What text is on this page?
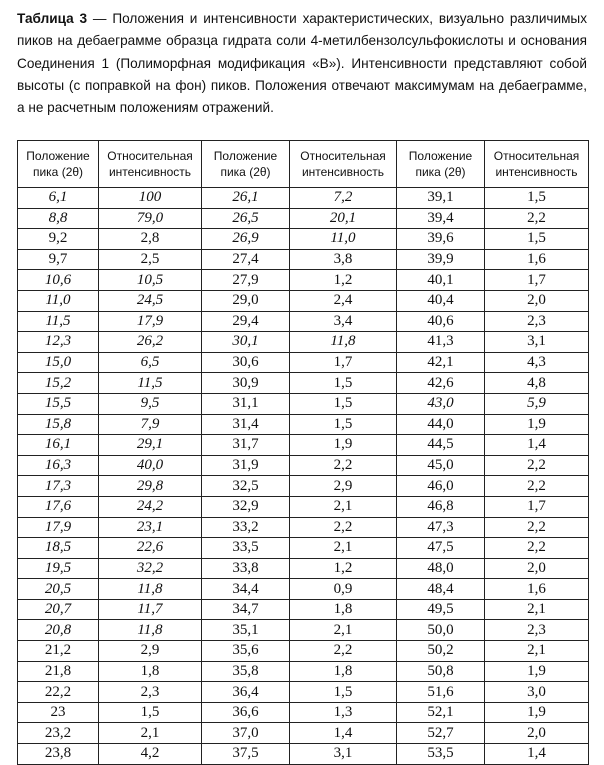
Таблица 3 — Положения и интенсивности характеристических, визуально различимых пиков на дебаеграмме образца гидрата соли 4-метилбензолсульфокислоты и основания Соединения 1 (Полиморфная модификация «В»). Интенсивности представляют собой высоты (с поправкой на фон) пиков. Положения отвечают максимумам на дебаеграмме, а не расчетным положениям отражений.
Положение пика (2θ)	Относительная интенсивность	Положение пика (2θ)	Относительная интенсивность	Положение пика (2θ)	Относительная интенсивность
6,1	100	26,1	7,2	39,1	1,5
8,8	79,0	26,5	20,1	39,4	2,2
9,2	2,8	26,9	11,0	39,6	1,5
9,7	2,5	27,4	3,8	39,9	1,6
10,6	10,5	27,9	1,2	40,1	1,7
11,0	24,5	29,0	2,4	40,4	2,0
11,5	17,9	29,4	3,4	40,6	2,3
12,3	26,2	30,1	11,8	41,3	3,1
15,0	6,5	30,6	1,7	42,1	4,3
15,2	11,5	30,9	1,5	42,6	4,8
15,5	9,5	31,1	1,5	43,0	5,9
15,8	7,9	31,4	1,5	44,0	1,9
16,1	29,1	31,7	1,9	44,5	1,4
16,3	40,0	31,9	2,2	45,0	2,2
17,3	29,8	32,5	2,9	46,0	2,2
17,6	24,2	32,9	2,1	46,8	1,7
17,9	23,1	33,2	2,2	47,3	2,2
18,5	22,6	33,5	2,1	47,5	2,2
19,5	32,2	33,8	1,2	48,0	2,0
20,5	11,8	34,4	0,9	48,4	1,6
20,7	11,7	34,7	1,8	49,5	2,1
20,8	11,8	35,1	2,1	50,0	2,3
21,2	2,9	35,6	2,2	50,2	2,1
21,8	1,8	35,8	1,8	50,8	1,9
22,2	2,3	36,4	1,5	51,6	3,0
23	1,5	36,6	1,3	52,1	1,9
23,2	2,1	37,0	1,4	52,7	2,0
23,8	4,2	37,5	3,1	53,5	1,4
